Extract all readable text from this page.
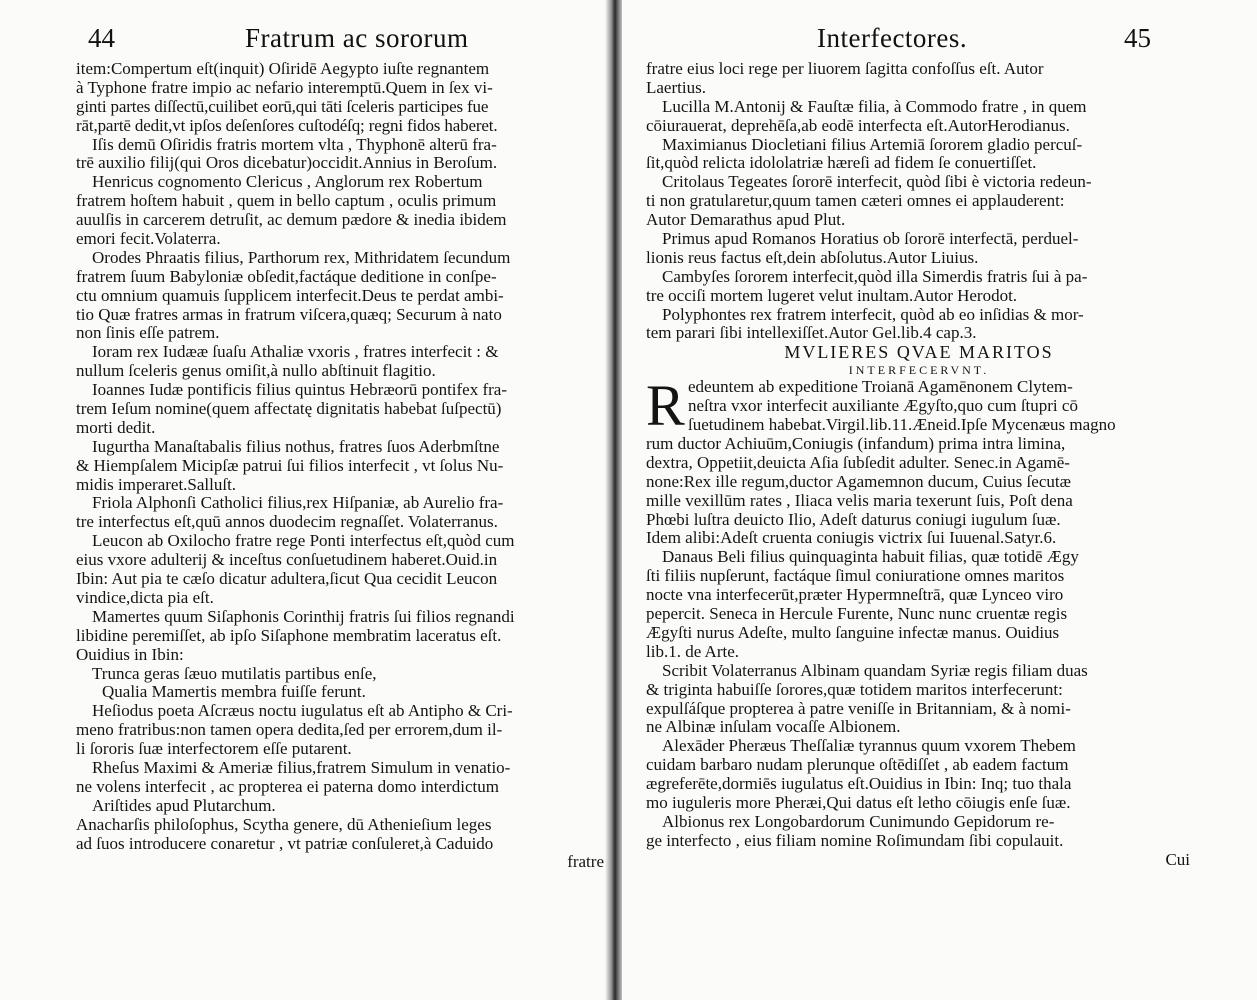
44	Fratrum ac sororum
item:Compertum eſt(inquit) Oſiridē Aegypto iuſte regnantem
à Typhone fratre impio ac nefario interemptū.Quem in ſex vi-
ginti partes diſſectū,cuilibet eorū,qui tāti ſceleris participes fue
rāt,partē dedit,vt ipſos deſenſores cuſtodéſq; regni fidos haberet.
Iſis demū Oſiridis fratris mortem vlta , Thyphonē alterū fra-
trē auxilio filij(qui Oros dicebatur)occidit.Annius in Beroſum.
Henricus cognomento Clericus , Anglorum rex Robertum
fratrem hoſtem habuit , quem in bello captum , oculis primum
auulſis in carcerem detruſit, ac demum pædore & inedia ibidem
emori fecit.Volaterra.
Orodes Phraatis filius, Parthorum rex, Mithridatem ſecundum
fratrem ſuum Babyloniæ obſedit,factáque deditione in conſpe-
ctu omnium quamuis ſupplicem interfecit.Deus te perdat ambi-
tio Quæ fratres armas in fratrum viſcera,quæq; Securum à nato
non ſinis eſſe patrem.
Ioram rex Iudææ ſuaſu Athaliæ vxoris , fratres interfecit : &
nullum ſceleris genus omiſit,à nullo abſtinuit flagitio.
Ioannes Iudæ pontificis filius quintus Hebræorū pontifex fra-
trem Ieſum nomine(quem affectatę dignitatis habebat ſuſpectū)
morti dedit.
Iugurtha Manaſtabalis filius nothus, fratres ſuos Aderbmſtne
& Hiempſalem Micipſæ patrui ſui filios interfecit , vt ſolus Nu-
midis imperaret.Salluſt.
Friola Alphonſi Catholici filius,rex Hiſpaniæ, ab Aurelio fra-
tre interfectus eſt,quū annos duodecim regnaſſet. Volaterranus.
Leucon ab Oxilocho fratre rege Ponti interfectus eſt,quòd cum
eius vxore adulterij & inceſtus conſuetudinem haberet.Ouid.in
Ibin: Aut pia te cæſo dicatur adultera,ſicut Qua cecidit Leucon
vindice,dicta pia eſt.
Mamertes quum Siſaphonis Corinthij fratris ſui filios regnandi
libidine peremiſſet, ab ipſo Siſaphone membratim laceratus eſt.
Ouidius in Ibin:
Trunca geras ſæuo mutilatis partibus enſe,
Qualia Mamertis membra fuiſſe ferunt.
Heſiodus poeta Aſcræus noctu iugulatus eſt ab Antipho & Cri-
meno fratribus:non tamen opera dedita,ſed per errorem,dum il-
li ſororis ſuæ interfectorem eſſe putarent.
Rheſus Maximi & Ameriæ filius,fratrem Simulum in venatio-
ne volens interfecit , ac propterea ei paterna domo interdictum
Ariſtides apud Plutarchum.
Anacharſis philoſophus, Scytha genere, dū Athenieſium leges
ad ſuos introducere conaretur , vt patriæ conſuleret,à Caduido
fratre
Interfectores.	45
fratre eius loci rege per liuorem ſagitta confoſſus eſt. Autor
Laertius.
Lucilla M.Antonij & Fauſtæ filia, à Commodo fratre , in quem
cōiurauerat, deprehēſa,ab eodē interfecta eſt.AutorHerodianus.
Maximianus Diocletiani filius Artemiā ſororem gladio percuſ-
ſit,quòd relicta idololatriæ hæreſi ad fidem ſe conuertiſſet.
Critolaus Tegeates ſororē interfecit, quòd ſibi è victoria redeun-
ti non gratularetur,quum tamen cæteri omnes ei applauderent:
Autor Demarathus apud Plut.
Primus apud Romanos Horatius ob ſororē interfectā, perduel-
lionis reus factus eſt,dein abſolutus.Autor Liuius.
Cambyſes ſororem interfecit,quòd illa Simerdis fratris ſui à pa-
tre occiſi mortem lugeret velut inultam.Autor Herodot.
Polyphontes rex fratrem interfecit, quòd ab eo inſidias & mor-
tem parari ſibi intellexiſſet.Autor Gel.lib.4 cap.3.
MVLIERES QVAE MARITOS
INTERFECERVNT.
R edeuntem ab expeditione Troianā Agamēnonem Clytem-
neſtra vxor interfecit auxiliante Ægyſto,quo cum ſtupri cō
ſuetudinem habebat.Virgil.lib.11.Æneid.Ipſe Mycenæus magno
rum ductor Achiuūm,Coniugis (infandum) prima intra limina,
dextra, Oppetiit,deuicta Aſia ſubſedit adulter. Senec.in Agamē-
none:Rex ille regum,ductor Agamemnon ducum, Cuius ſecutæ
mille vexillūm rates , Iliaca velis maria texerunt ſuis, Poſt dena
Phœbi luſtra deuicto Ilio, Adeſt daturus coniugi iugulum ſuæ.
Idem alibi:Adeſt cruenta coniugis victrix ſui Iuuenal.Satyr.6.
Danaus Beli filius quinquaginta habuit filias, quæ totidē Ægy
ſti filiis nupſerunt, factáque ſimul coniuratione omnes maritos
nocte vna interfecerūt,præter Hypermneſtrā, quæ Lynceo viro
pepercit. Seneca in Hercule Furente, Nunc nunc cruentæ regis
Ægyſti nurus Adeſte, multo ſanguine infectæ manus. Ouidius
lib.1. de Arte.
Scribit Volaterranus Albinam quandam Syriæ regis filiam duas
& triginta habuiſſe ſorores,quæ totidem maritos interfecerunt:
expulſáſque propterea à patre veniſſe in Britanniam, & à nomi-
ne Albinæ inſulam vocaſſe Albionem.
Alexāder Pheræus Theſſaliæ tyrannus quum vxorem Thebem
cuidam barbaro nudam plerunque oſtēdiſſet , ab eadem factum
ægreferēte,dormiēs iugulatus eſt.Ouidius in Ibin: Inq; tuo thala
mo iuguleris more Pheræi,Qui datus eſt letho cōiugis enſe ſuæ.
Albionus rex Longobardorum Cunimundo Gepidorum re-
ge interfecto , eius filiam nomine Roſimundam ſibi copulauit.
Cui
